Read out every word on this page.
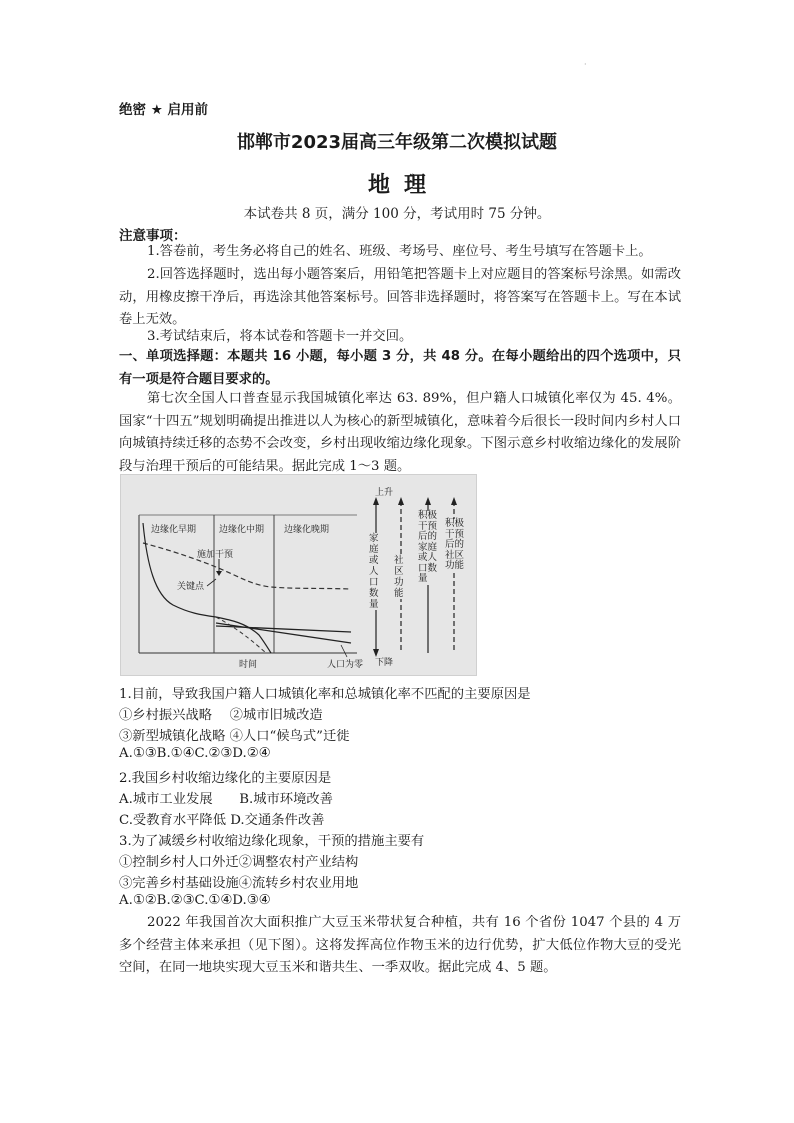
·
绝密 ★ 启用前
邯郸市2023届高三年级第二次模拟试题
地理
本试卷共 8 页，满分 100 分，考试用时 75 分钟。
注意事项：
1.答卷前，考生务必将自己的姓名、班级、考场号、座位号、考生号填写在答题卡上。
2.回答选择题时，选出每小题答案后，用铅笔把答题卡上对应题目的答案标号涂黑。如需改动，用橡皮擦干净后，再选涂其他答案标号。回答非选择题时，将答案写在答题卡上。写在本试卷上无效。
3.考试结束后，将本试卷和答题卡一并交回。
一、单项选择题：本题共 16 小题，每小题 3 分，共 48 分。在每小题给出的四个选项中，只有一项是符合题目要求的。
第七次全国人口普查显示我国城镇化率达 63. 89%，但户籍人口城镇化率仅为 45. 4%。国家“十四五”规划明确提出推进以人为核心的新型城镇化，意味着今后很长一段时间内乡村人口向城镇持续迁移的态势不会改变，乡村出现收缩边缘化现象。下图示意乡村收缩边缘化的发展阶段与治理干预后的可能结果。据此完成 1～3 题。
边缘化早期	边缘化中期 边缘化晚期
施加干预
关键点
时间	人口为零
上升
下降
家庭或人口数量
社区功能
积极干预后的家庭或人口数量
积极干预后的社区功能
1.目前，导致我国户籍人口城镇化率和总城镇化率不匹配的主要原因是
①乡村振兴战略　 ②城市旧城改造
③新型城镇化战略 ④人口“候鸟式”迁徙
A.①③B.①④C.②③D.②④
2.我国乡村收缩边缘化的主要原因是
A.城市工业发展　　B.城市环境改善
C.受教育水平降低 D.交通条件改善
3.为了减缓乡村收缩边缘化现象，干预的措施主要有
①控制乡村人口外迁②调整农村产业结构
③完善乡村基础设施④流转乡村农业用地
A.①②B.②③C.①④D.③④
2022 年我国首次大面积推广大豆玉米带状复合种植，共有 16 个省份 1047 个县的 4 万多个经营主体来承担（见下图）。这将发挥高位作物玉米的边行优势，扩大低位作物大豆的受光空间，在同一地块实现大豆玉米和谐共生、一季双收。据此完成 4、5 题。
